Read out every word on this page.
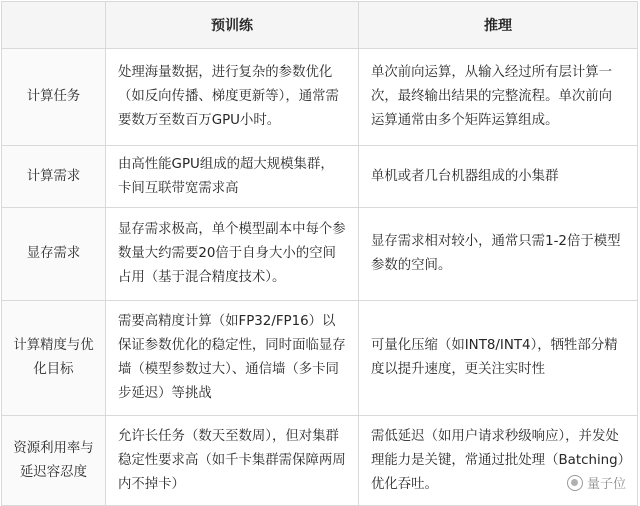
	预训练	推理

计算任务	处理海量数据，进行复杂的参数优化（如反向传播、梯度更新等），通常需要数万至数百万GPU小时。	单次前向运算，从输入经过所有层计算一次，最终输出结果的完整流程。单次前向运算通常由多个矩阵运算组成。

计算需求	由高性能GPU组成的超大规模集群，卡间互联带宽需求高	单机或者几台机器组成的小集群

显存需求	显存需求极高，单个模型副本中每个参数量大约需要20倍于自身大小的空间占用（基于混合精度技术）。	显存需求相对较小，通常只需1-2倍于模型参数的空间。

计算精度与优化目标	需要高精度计算（如FP32/FP16）以保证参数优化的稳定性，同时面临显存墙（模型参数过大）、通信墙（多卡同步延迟）等挑战	可量化压缩（如INT8/INT4），牺牲部分精度以提升速度，更关注实时性

资源利用率与延迟容忍度	允许长任务（数天至数周），但对集群稳定性要求高（如千卡集群需保障两周内不掉卡）	需低延迟（如用户请求秒级响应），并发处理能力是关键，常通过批处理（Batching）优化吞吐。	量子位
